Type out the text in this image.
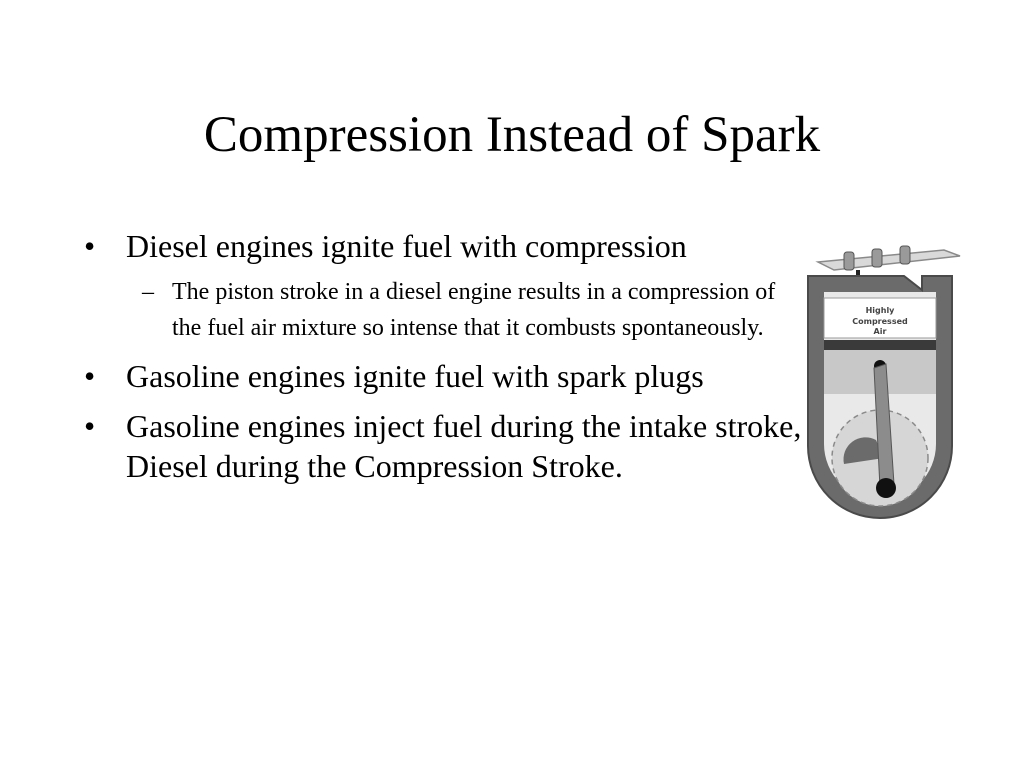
Compression Instead of Spark
• Diesel engines ignite fuel with compression
– The piston stroke in a diesel engine results in a compression of the fuel air mixture so intense that it combusts spontaneously.
• Gasoline engines ignite fuel with spark plugs
• Gasoline engines inject fuel during the intake stroke, Diesel during the Compression Stroke.
Highly
Compressed
Air
